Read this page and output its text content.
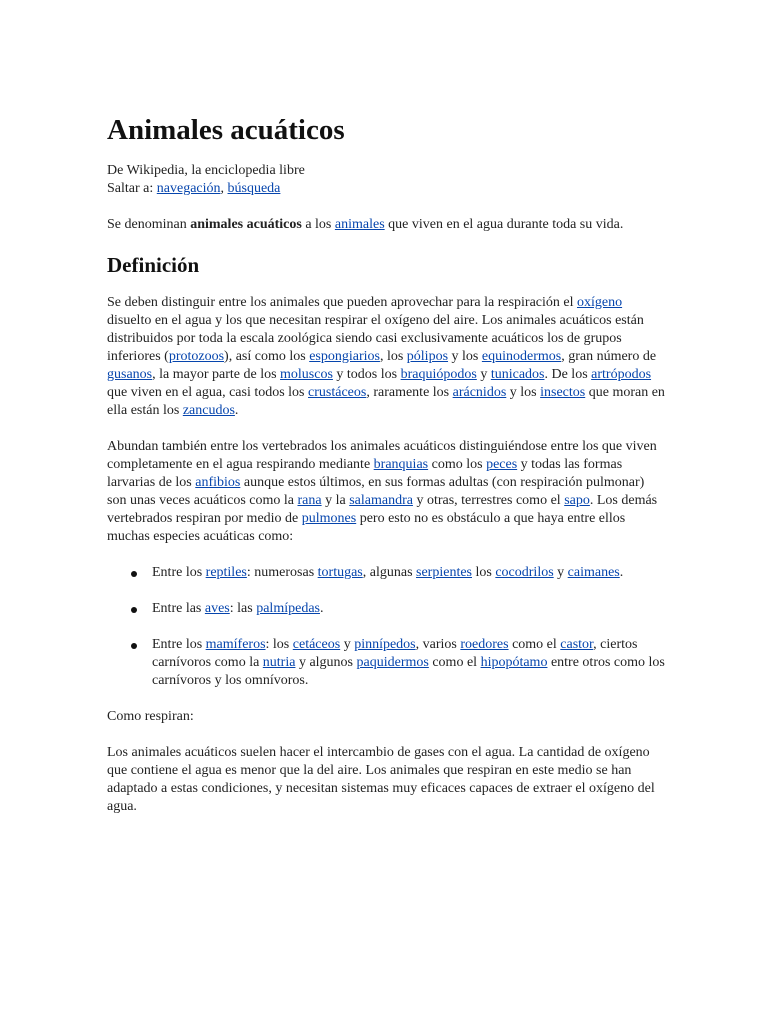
Animales acuáticos
De Wikipedia, la enciclopedia libre
Saltar a: navegación, búsqueda

Se denominan animales acuáticos a los animales que viven en el agua durante toda su vida.

Definición

Se deben distinguir entre los animales que pueden aprovechar para la respiración el oxígeno disuelto en el agua y los que necesitan respirar el oxígeno del aire. Los animales acuáticos están distribuidos por toda la escala zoológica siendo casi exclusivamente acuáticos los de grupos inferiores (protozoos), así como los espongiarios, los pólipos y los equinodermos, gran número de gusanos, la mayor parte de los moluscos y todos los braquiópodos y tunicados. De los artrópodos que viven en el agua, casi todos los crustáceos, raramente los arácnidos y los insectos que moran en ella están los zancudos.

Abundan también entre los vertebrados los animales acuáticos distinguiéndose entre los que viven completamente en el agua respirando mediante branquias como los peces y todas las formas larvarias de los anfibios aunque estos últimos, en sus formas adultas (con respiración pulmonar) son unas veces acuáticos como la rana y la salamandra y otras, terrestres como el sapo. Los demás vertebrados respiran por medio de pulmones pero esto no es obstáculo a que haya entre ellos muchas especies acuáticas como:

Entre los reptiles: numerosas tortugas, algunas serpientes los cocodrilos y caimanes.
Entre las aves: las palmípedas.
Entre los mamíferos: los cetáceos y pinnípedos, varios roedores como el castor, ciertos carnívoros como la nutria y algunos paquidermos como el hipopótamo entre otros como los carnívoros y los omnívoros.

Como respiran:

Los animales acuáticos suelen hacer el intercambio de gases con el agua. La cantidad de oxígeno que contiene el agua es menor que la del aire. Los animales que respiran en este medio se han adaptado a estas condiciones, y necesitan sistemas muy eficaces capaces de extraer el oxígeno del agua.
